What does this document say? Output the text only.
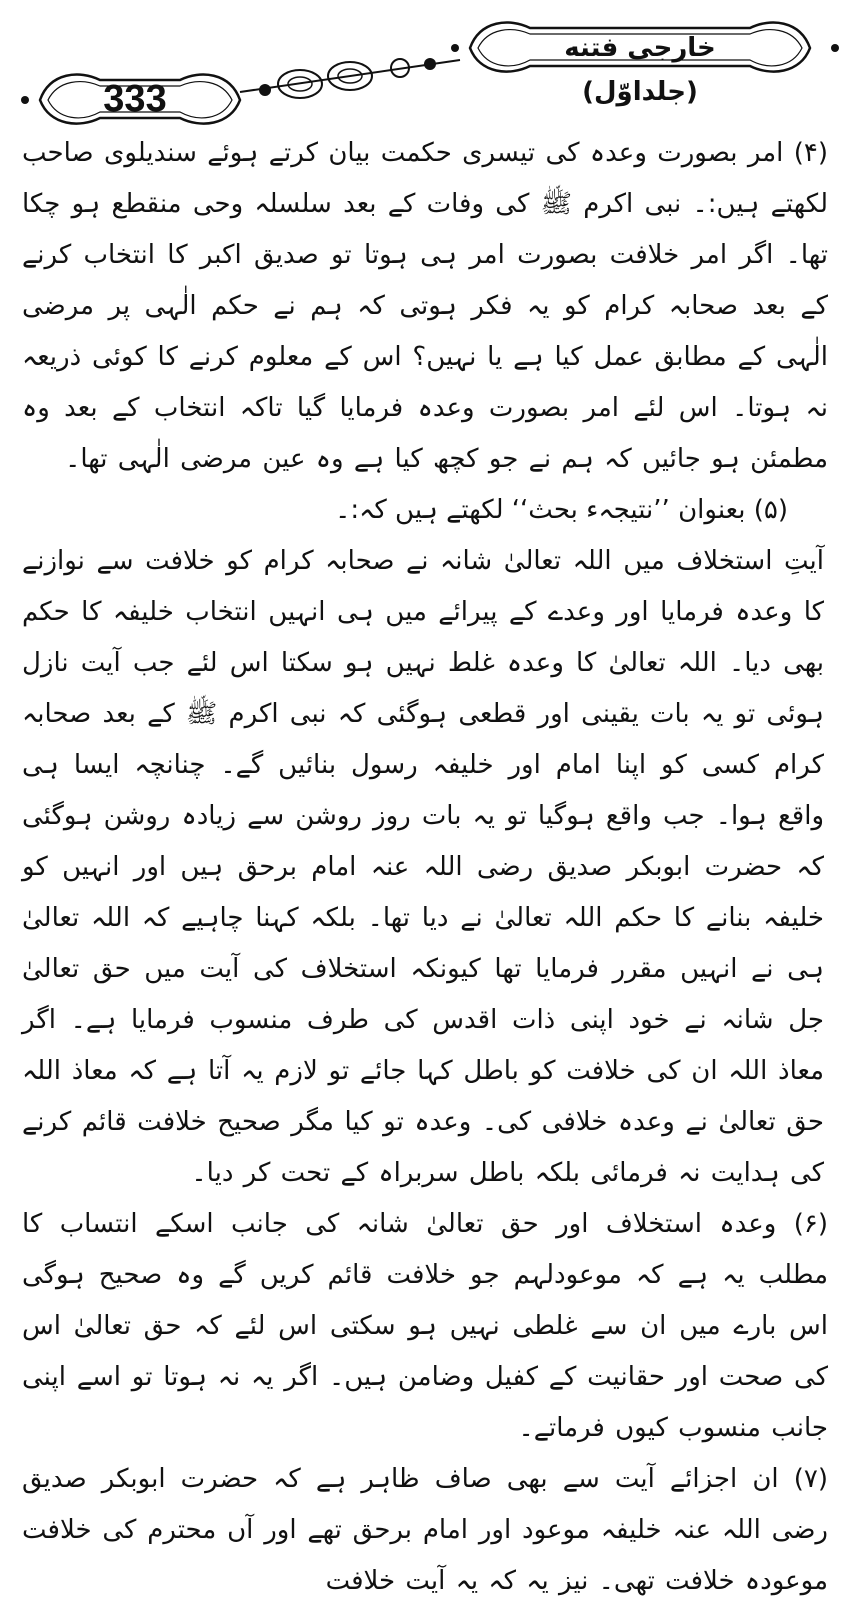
خارجی فتنه (جلداوّل)
333

(۴) امر بصورت وعدہ کی تیسری حکمت بیان کرتے ہوئے سندیلوی صاحب لکھتے ہیں:۔ نبی اکرم ﷺ کی وفات کے بعد سلسلہ وحی منقطع ہو چکا تھا۔ اگر امر خلافت بصورت امر ہی ہوتا تو صدیق اکبر کا انتخاب کرنے کے بعد صحابہ کرام کو یہ فکر ہوتی کہ ہم نے حکم الٰہی پر مرضی الٰہی کے مطابق عمل کیا ہے یا نہیں؟ اس کے معلوم کرنے کا کوئی ذریعہ نہ ہوتا۔ اس لئے امر بصورت وعدہ فرمایا گیا تاکہ انتخاب کے بعد وہ مطمئن ہو جائیں کہ ہم نے جو کچھ کیا ہے وہ عین مرضی الٰہی تھا۔

(۵) بعنوان ’’نتیجہء بحث‘‘ لکھتے ہیں کہ:۔

آیتِ استخلاف میں اللہ تعالیٰ شانہ نے صحابہ کرام کو خلافت سے نوازنے کا وعدہ فرمایا اور وعدے کے پیرائے میں ہی انہیں انتخاب خلیفہ کا حکم بھی دیا۔ اللہ تعالیٰ کا وعدہ غلط نہیں ہو سکتا اس لئے جب آیت نازل ہوئی تو یہ بات یقینی اور قطعی ہوگئی کہ نبی اکرم ﷺ کے بعد صحابہ کرام کسی کو اپنا امام اور خلیفہ رسول بنائیں گے۔ چنانچہ ایسا ہی واقع ہوا۔ جب واقع ہوگیا تو یہ بات روز روشن سے زیادہ روشن ہوگئی کہ حضرت ابوبکر صدیق رضی اللہ عنہ امام برحق ہیں اور انہیں کو خلیفہ بنانے کا حکم اللہ تعالیٰ نے دیا تھا۔ بلکہ کہنا چاہیے کہ اللہ تعالیٰ ہی نے انہیں مقرر فرمایا تھا کیونکہ استخلاف کی آیت میں حق تعالیٰ جل شانہ نے خود اپنی ذات اقدس کی طرف منسوب فرمایا ہے۔ اگر معاذ اللہ ان کی خلافت کو باطل کہا جائے تو لازم یہ آتا ہے کہ معاذ اللہ حق تعالیٰ نے وعدہ خلافی کی۔ وعدہ تو کیا مگر صحیح خلافت قائم کرنے کی ہدایت نہ فرمائی بلکہ باطل سربراہ کے تحت کر دیا۔

(۶) وعدہ استخلاف اور حق تعالیٰ شانہ کی جانب اسکے انتساب کا مطلب یہ ہے کہ موعودلہم جو خلافت قائم کریں گے وہ صحیح ہوگی اس بارے میں ان سے غلطی نہیں ہو سکتی اس لئے کہ حق تعالیٰ اس کی صحت اور حقانیت کے کفیل وضامن ہیں۔ اگر یہ نہ ہوتا تو اسے اپنی جانب منسوب کیوں فرماتے۔

(۷) ان اجزائے آیت سے بھی صاف ظاہر ہے کہ حضرت ابوبکر صدیق رضی اللہ عنہ خلیفہ موعود اور امام برحق تھے اور آں محترم کی خلافت موعودہ خلافت تھی۔ نیز یہ کہ یہ آیت خلافت
